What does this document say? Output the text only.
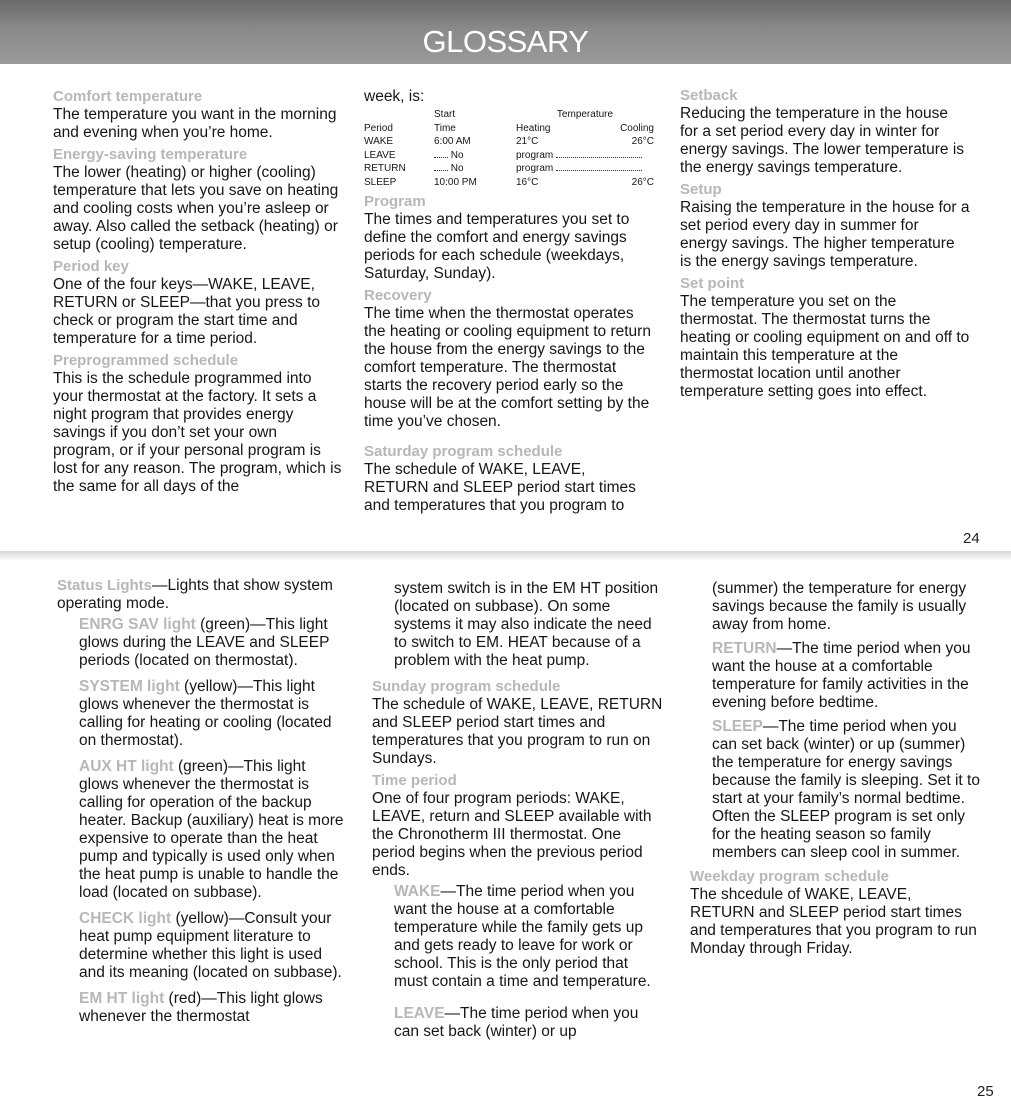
GLOSSARY
Comfort temperature
The temperature you want in the morning and evening when you’re home.
Energy-saving temperature
The lower (heating) or higher (cooling) temperature that lets you save on heating and cooling costs when you’re asleep or away. Also called the setback (heating) or setup (cooling) temperature.
Period key
One of the four keys—WAKE, LEAVE, RETURN or SLEEP—that you press to check or program the start time and temperature for a time period.
Preprogrammed schedule
This is the schedule programmed into your thermostat at the factory. It sets a night program that provides energy savings if you don’t set your own program, or if your personal program is lost for any reason. The program, which is the same for all days of the
week, is:
	Start	Temperature	
Period	Time	Heating	Cooling
WAKE	6:00 AM	21°C	26°C
LEAVE	No	program	
RETURN	No	program	
SLEEP	10:00 PM	16°C	26°C
Program
The times and temperatures you set to define the comfort and energy savings periods for each schedule (weekdays, Saturday, Sunday).
Recovery
The time when the thermostat operates the heating or cooling equipment to return the house from the energy savings to the comfort temperature. The thermostat starts the recovery period early so the house will be at the comfort setting by the time you’ve chosen.
Saturday program schedule
The schedule of WAKE, LEAVE, RETURN and SLEEP period start times and temperatures that you program to
Setback
Reducing the temperature in the house for a set period every day in winter for energy savings. The lower temperature is the energy savings temperature.
Setup
Raising the temperature in the house for a set period every day in summer for energy savings. The higher temperature is the energy savings temperature.
Set point
The temperature you set on the thermostat. The thermostat turns the heating or cooling equipment on and off to maintain this temperature at the thermostat location until another temperature setting goes into effect.
24
Status Lights—Lights that show system operating mode.
ENRG SAV light (green)—This light glows during the LEAVE and SLEEP periods (located on thermostat).
SYSTEM light (yellow)—This light glows whenever the thermostat is calling for heating or cooling (located on thermostat).
AUX HT light (green)—This light glows whenever the thermostat is calling for operation of the backup heater. Backup (auxiliary) heat is more expensive to operate than the heat pump and typically is used only when the heat pump is unable to handle the load (located on subbase).
CHECK light (yellow)—Consult your heat pump equipment literature to determine whether this light is used and its meaning (located on subbase).
EM HT light (red)—This light glows whenever the thermostat
system switch is in the EM HT position (located on subbase). On some systems it may also indicate the need to switch to EM. HEAT because of a problem with the heat pump.
Sunday program schedule
The schedule of WAKE, LEAVE, RETURN and SLEEP period start times and temperatures that you program to run on Sundays.
Time period
One of four program periods: WAKE, LEAVE, return and SLEEP available with the Chronotherm III thermostat. One period begins when the previous period ends.
WAKE—The time period when you want the house at a comfortable temperature while the family gets up and gets ready to leave for work or school. This is the only period that must contain a time and temperature.
LEAVE—The time period when you can set back (winter) or up
(summer) the temperature for energy savings because the family is usually away from home.
RETURN—The time period when you want the house at a comfortable temperature for family activities in the evening before bedtime.
SLEEP—The time period when you can set back (winter) or up (summer) the temperature for energy savings because the family is sleeping. Set it to start at your family’s normal bedtime. Often the SLEEP program is set only for the heating season so family members can sleep cool in summer.
Weekday program schedule
The shcedule of WAKE, LEAVE, RETURN and SLEEP period start times and temperatures that you program to run Monday through Friday.
25
